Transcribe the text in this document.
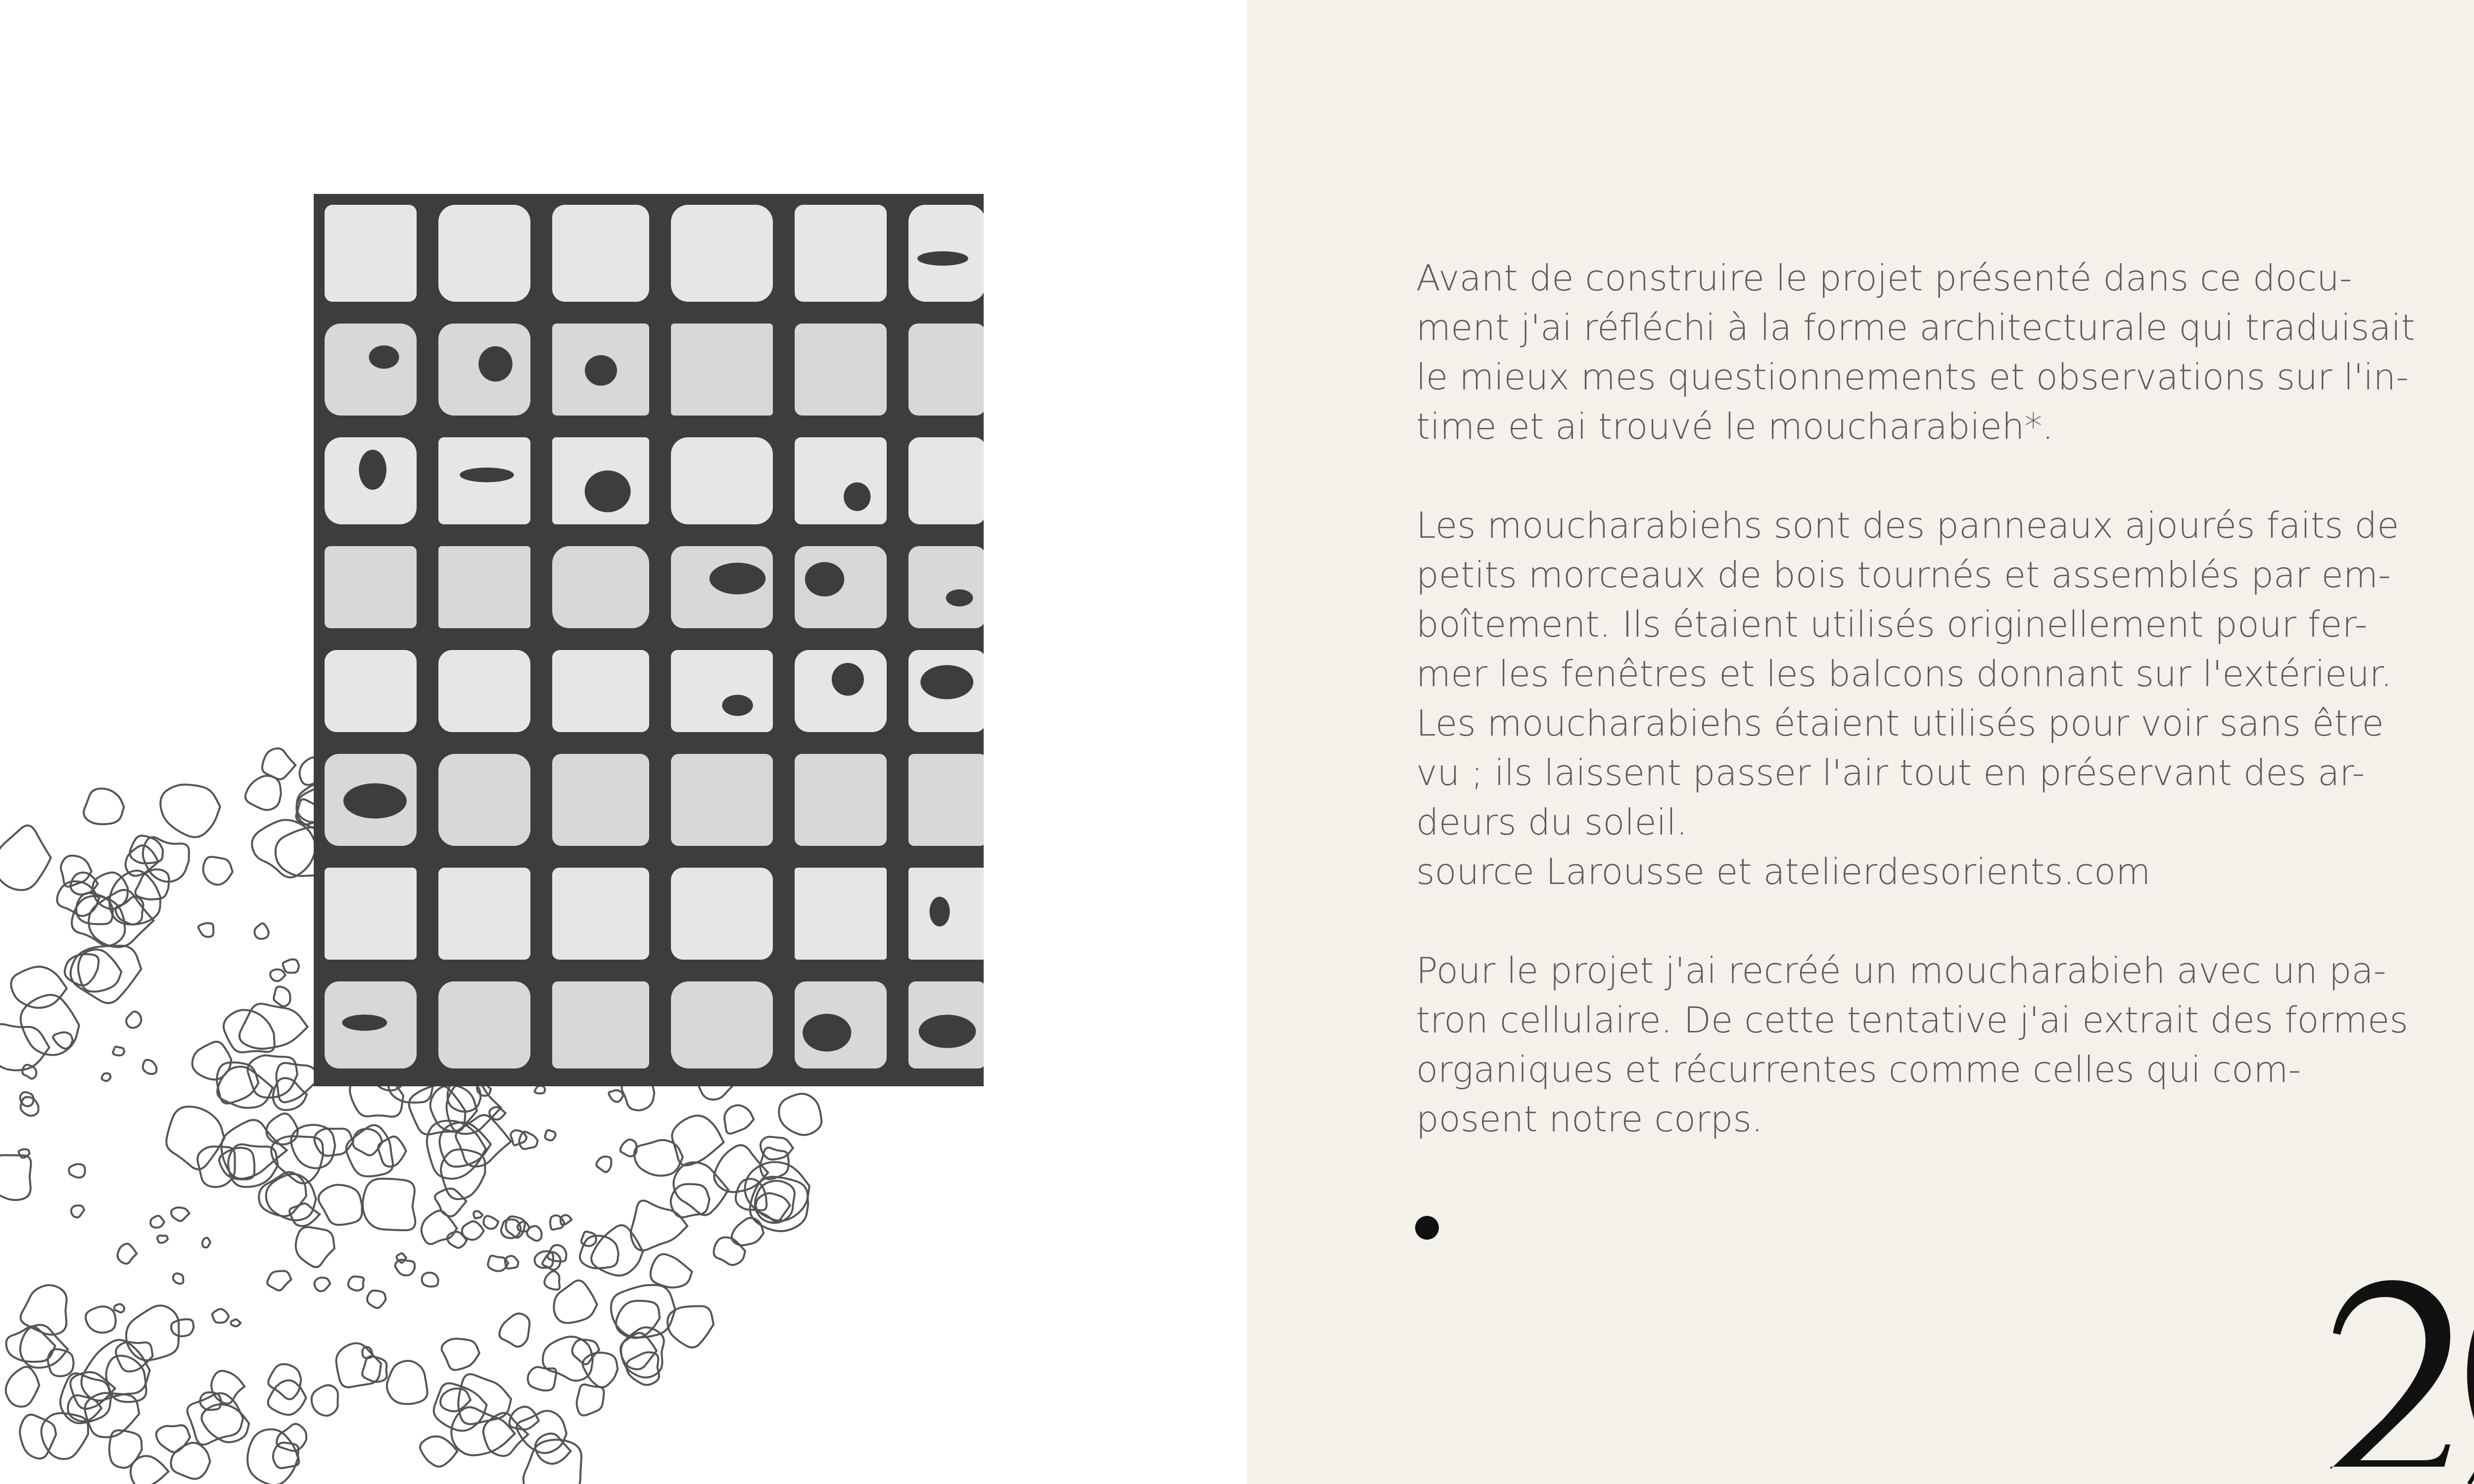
Avant de construire le projet présenté dans ce docu-
ment j'ai réfléchi à la forme architecturale qui traduisait
le mieux mes questionnements et observations sur l'in-
time et ai trouvé le moucharabieh*.

Les moucharabiehs sont des panneaux ajourés faits de
petits morceaux de bois tournés et assemblés par em-
boîtement. Ils étaient utilisés originellement pour fer-
mer les fenêtres et les balcons donnant sur l'extérieur.
Les moucharabiehs étaient utilisés pour voir sans être
vu ; ils laissent passer l'air tout en préservant des ar-
deurs du soleil.
source Larousse et atelierdesorients.com

Pour le projet j'ai recréé un moucharabieh avec un pa-
tron cellulaire. De cette tentative j'ai extrait des formes
organiques et récurrentes comme celles qui com-
posent notre corps.
